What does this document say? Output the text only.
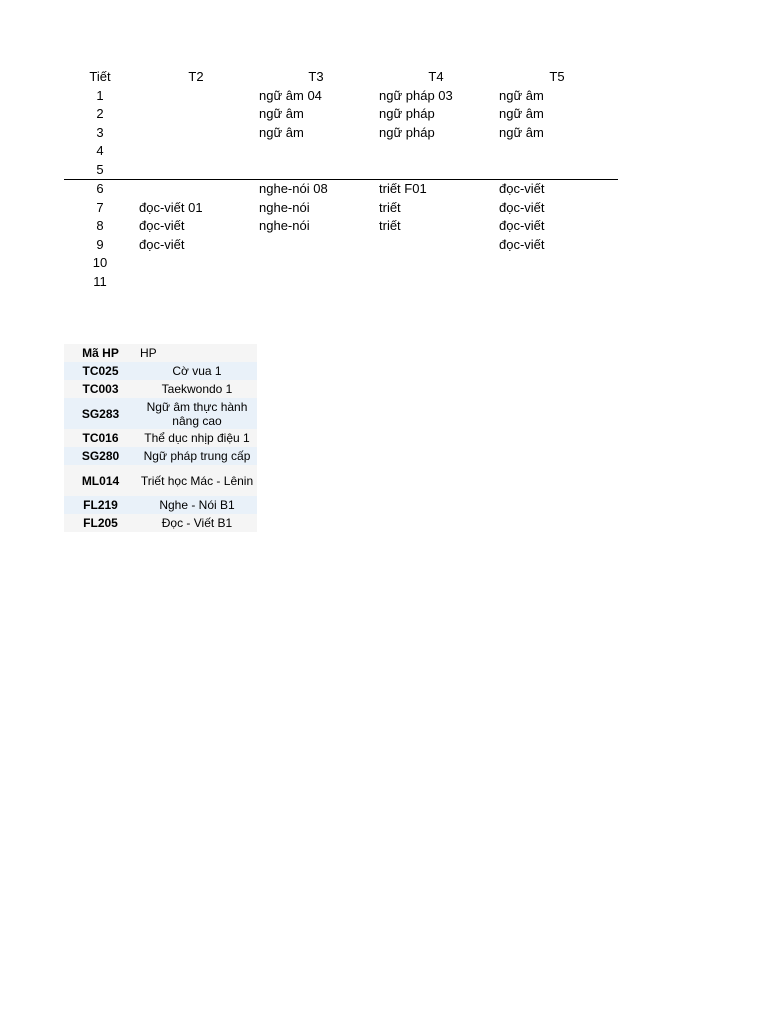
Tiết	T2	T3	T4	T5
1		ngữ âm 04	ngữ pháp 03	ngữ âm
2		ngữ âm	ngữ pháp	ngữ âm
3		ngữ âm	ngữ pháp	ngữ âm
4				
5				
6		nghe-nói 08	triết F01	đọc-viết
7	đọc-viết 01	nghe-nói	triết	đọc-viết
8	đọc-viết	nghe-nói	triết	đọc-viết
9	đọc-viết			đọc-viết
10				
11				
Mã HP	HP
TC025	Cờ vua 1
TC003	Taekwondo 1
SG283	Ngữ âm thực hành nâng cao
TC016	Thể dục nhịp điệu 1
SG280	Ngữ pháp trung cấp
ML014	Triết học Mác - Lênin
FL219	Nghe - Nói B1
FL205	Đọc - Viết B1
